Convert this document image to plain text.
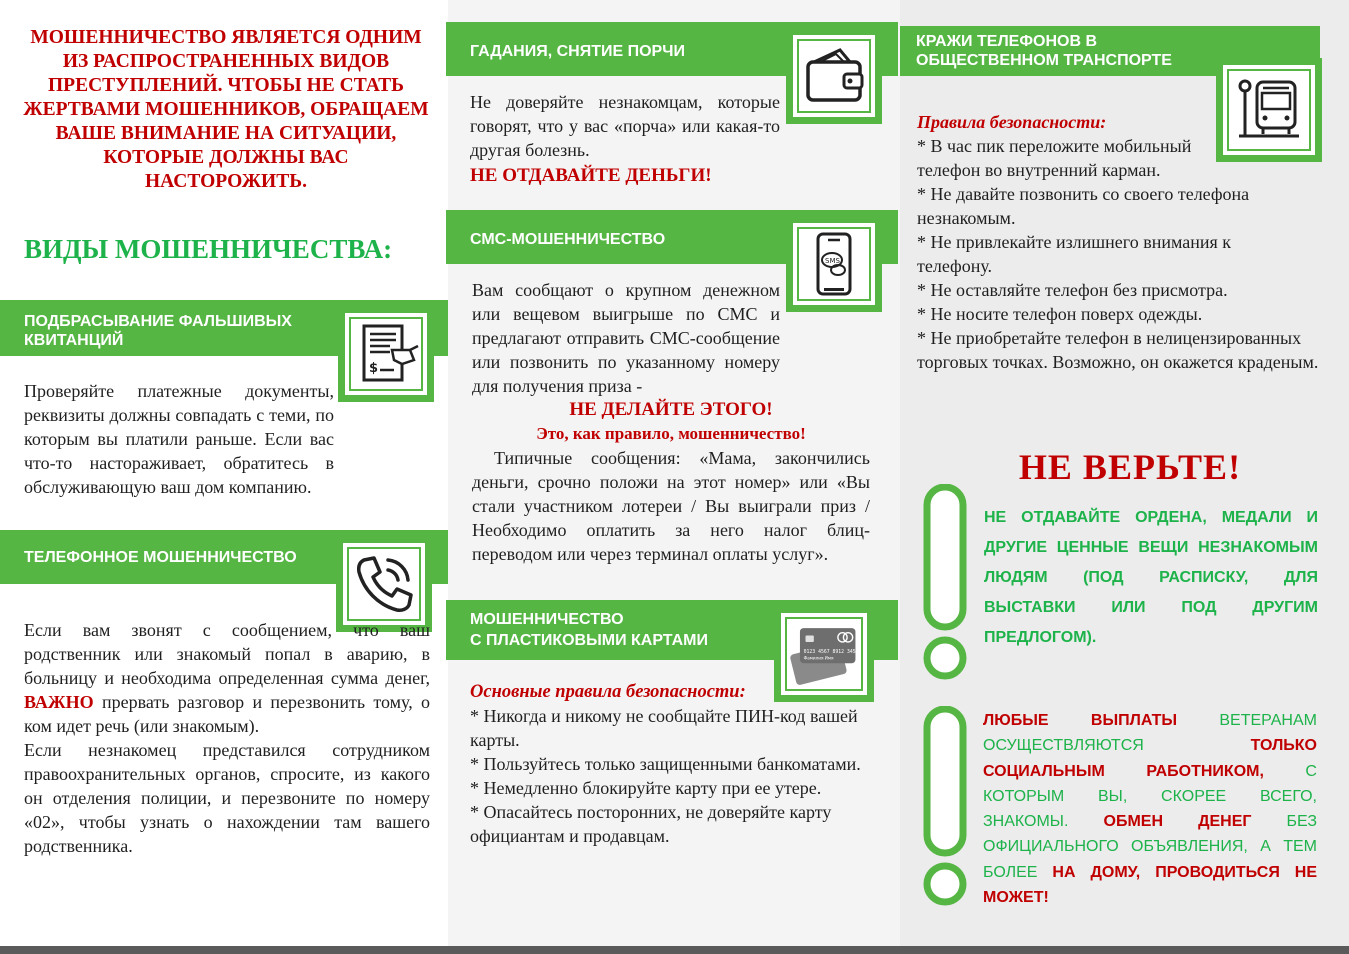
МОШЕННИЧЕСТВО ЯВЛЯЕТСЯ ОДНИМ ИЗ РАСПРОСТРАНЕННЫХ ВИДОВ ПРЕСТУПЛЕНИЙ. ЧТОБЫ НЕ СТАТЬ ЖЕРТВАМИ МОШЕННИКОВ, ОБРАЩАЕМ ВАШЕ ВНИМАНИЕ НА СИТУАЦИИ, КОТОРЫЕ ДОЛЖНЫ ВАС НАСТОРОЖИТЬ.
ВИДЫ МОШЕННИЧЕСТВА:
ПОДБРАСЫВАНИЕ ФАЛЬШИВЫХ КВИТАНЦИЙ
$

Проверяйте платежные документы, реквизиты должны совпадать с теми, по которым вы платили раньше. Если вас что-то настораживает, обратитесь в обслуживающую ваш дом компанию.

ТЕЛЕФОННОЕ МОШЕННИЧЕСТВО

Если вам звонят с сообщением, что ваш родственник или знакомый попал в аварию, в больницу и необходима определенная сумма денег, ВАЖНО прервать разговор и перезвонить тому, о ком идет речь (или знакомым).

Если незнакомец представился сотрудником правоохранительных органов, спросите, из какого он отделения полиции, и перезвоните по номеру «02», чтобы узнать о нахождении там вашего родственника.

ГАДАНИЯ, СНЯТИЕ ПОРЧИ

Не доверяйте незнакомцам, которые говорят, что у вас «порча» или какая-то другая болезнь.

НЕ ОТДАВАЙТЕ ДЕНЬГИ!

СМС-МОШЕННИЧЕСТВО
SMS

Вам сообщают о крупном денежном или вещевом выигрыше по СМС и предлагают отправить СМС-сообщение или позвонить по указанному номеру для получения приза -

НЕ ДЕЛАЙТЕ ЭТОГО!

Это, как правило, мошенничество!

Типичные сообщения: «Мама, закончились деньги, срочно положи на этот номер» или «Вы стали участником лотереи / Вы выиграли приз / Необходимо оплатить за него налог блиц-переводом или через терминал оплаты услуг».

МОШЕННИЧЕСТВО
С ПЛАСТИКОВЫМИ КАРТАМИ
0123 4567 8912 3456
Фамилия Имя

Основные правила безопасности:

* Никогда и никому не сообщайте ПИН-код вашей карты.

* Пользуйтесь только защищенными банкоматами.

* Немедленно блокируйте карту при ее утере.

* Опасайтесь посторонних, не доверяйте карту официантам и продавцам.

КРАЖИ ТЕЛЕФОНОВ В ОБЩЕСТВЕННОМ ТРАНСПОРТЕ

Правила безопасности:

* В час пик переложите мобильный телефон во внутренний карман.

* Не давайте позвонить со своего телефона незнакомым.

* Не привлекайте излишнего внимания к телефону.

* Не оставляйте телефон без присмотра.

* Не носите телефон поверх одежды.

* Не приобретайте телефон в нелицензированных торговых точках. Возможно, он окажется краденым.

НЕ ВЕРЬТЕ!
НЕ ОТДАВАЙТЕ ОРДЕНА, МЕДАЛИ И ДРУГИЕ ЦЕННЫЕ ВЕЩИ НЕЗНАКОМЫМ ЛЮДЯМ (ПОД РАСПИСКУ, ДЛЯ ВЫСТАВКИ ИЛИ ПОД ДРУГИМ ПРЕДЛОГОМ).
ЛЮБЫЕ ВЫПЛАТЫ	ВЕТЕРАНАМ ОСУЩЕСТВЛЯЮТСЯ	ТОЛЬКО СОЦИАЛЬНЫМ РАБОТНИКОМ,	С КОТОРЫМ ВЫ, СКОРЕЕ ВСЕГО, ЗНАКОМЫ. ОБМЕН ДЕНЕГ БЕЗ ОФИЦИАЛЬНОГО ОБЪЯВЛЕНИЯ, А ТЕМ БОЛЕЕ НА ДОМУ, ПРОВОДИТЬСЯ НЕ МОЖЕТ!
